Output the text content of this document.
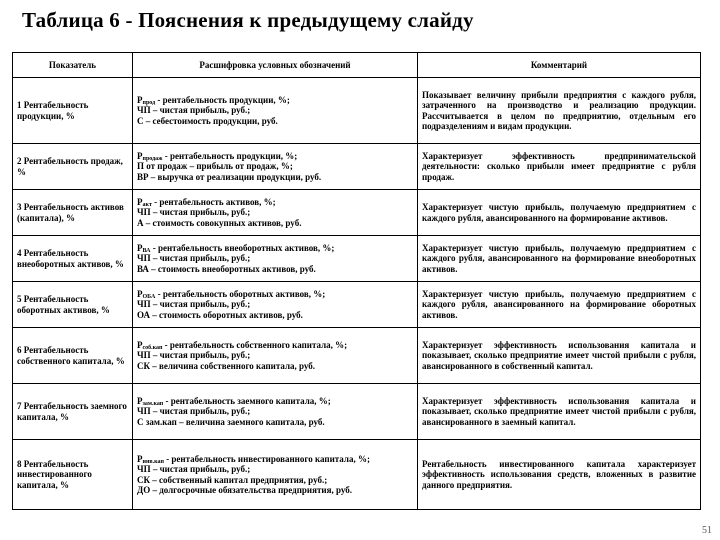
Таблица 6 - Пояснения к предыдущему слайду
Показатель	Расшифровка условных обозначений	Комментарий
1 Рентабельность продукции, %	$Р_{прод}$ - рентабельность продукции, %;
ЧП – чистая прибыль, руб.;
С – себестоимость продукции, руб.	Показывает величину прибыли предприятия с каждого рубля, затраченного на производство и реализацию продукции. Рассчитывается в целом по предприятию, отдельным его подразделениям и видам продукции.
2 Рентабельность продаж, %	$Р_{продаж}$ - рентабельность продукции, %;
П от продаж – прибыль от продаж, %;
ВР – выручка от реализации продукции, руб.	Характеризует эффективность предпринимательской деятельности: сколько прибыли имеет предприятие с рубля продаж.
3 Рентабельность активов (капитала), %	$Р_{акт}$ - рентабельность активов, %;
ЧП – чистая прибыль, руб.;
А – стоимость совокупных активов, руб.	Характеризует чистую прибыль, получаемую предприятием с каждого рубля, авансированного на формирование активов.
4 Рентабельность внеоборотных активов, %	$Р_{ВА}$ - рентабельность внеоборотных активов, %;
ЧП – чистая прибыль, руб.;
ВА – стоимость внеоборотных активов, руб.	Характеризует чистую прибыль, получаемую предприятием с каждого рубля, авансированного на формирование внеоборотных активов.
5 Рентабельность оборотных активов, %	$Р_{ОБА}$ - рентабельность оборотных активов, %;
ЧП – чистая прибыль, руб.;
ОА – стоимость оборотных активов, руб.	Характеризует чистую прибыль, получаемую предприятием с каждого рубля, авансированного на формирование оборотных активов.
6 Рентабельность собственного капитала, %	$Р_{соб.кап}$ - рентабельность собственного капитала, %;
ЧП – чистая прибыль, руб.;
СК – величина собственного капитала, руб.	Характеризует эффективность использования капитала и показывает, сколько предприятие имеет чистой прибыли с рубля, авансированного в собственный капитал.
7 Рентабельность заемного капитала, %	$Р_{зам.кап}$ - рентабельность заемного капитала, %;
ЧП – чистая прибыль, руб.;
С зам.кап – величина заемного капитала, руб.	Характеризует эффективность использования капитала и показывает, сколько предприятие имеет чистой прибыли с рубля, авансированного в заемный капитал.
8 Рентабельность инвестированного капитала, %	$Р_{инв.кап}$ - рентабельность инвестированного капитала, %;
ЧП – чистая прибыль, руб.;
СК – собственный капитал предприятия, руб.;
ДО – долгосрочные обязательства предприятия, руб.	Рентабельность инвестированного капитала характеризует эффективность использования средств, вложенных в развитие данного предприятия.
51
